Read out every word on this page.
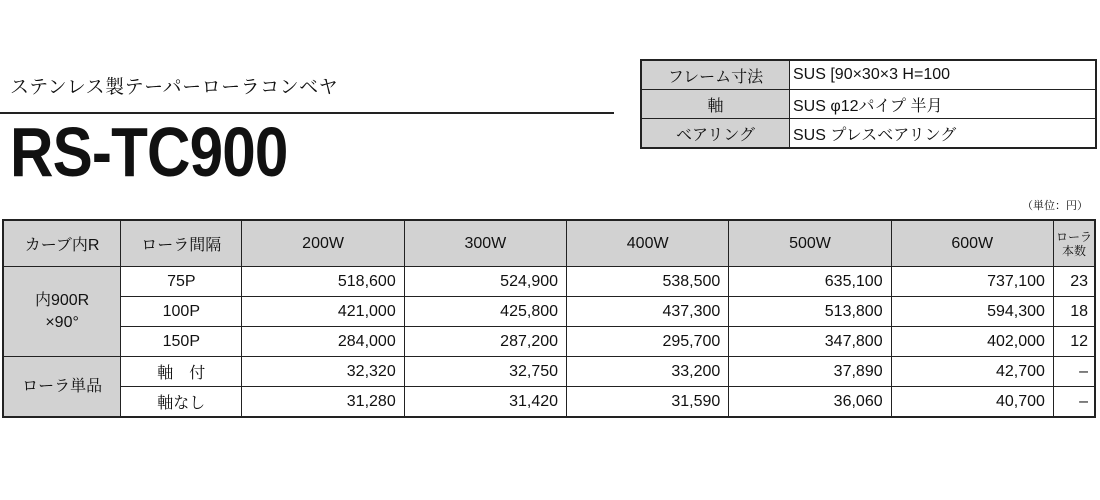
ステンレス製テーパーローラコンベヤ
RS-TC900
フレーム寸法	SUS [90×30×3 H=100
軸	SUS φ12パイプ 半月
ベアリング	SUS プレスベアリング
（単位：円）
カーブ内R	ローラ間隔	200W	300W	400W	500W	600W	ローラ
本数
内900R
×90°	75P	518,600	524,900	538,500	635,100	737,100	23
	100P	421,000	425,800	437,300	513,800	594,300	18
	150P	284,000	287,200	295,700	347,800	402,000	12
ローラ単品	軸　付	32,320	32,750	33,200	37,890	42,700	–
	軸なし	31,280	31,420	31,590	36,060	40,700	–
